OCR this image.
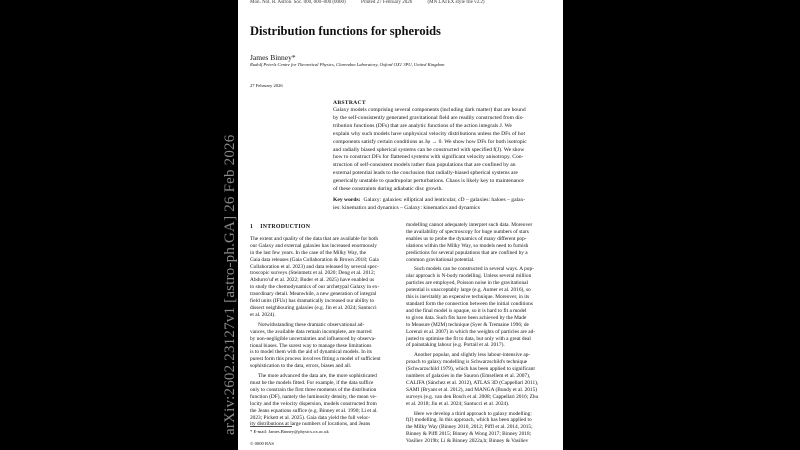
arXiv:2602.23127v1 [astro-ph.GA] 26 Feb 2026
Mon. Not. R. Astron. Soc. 000, 000–000 (0000)	Printed 27 February 2026	(MN LATEX style file v2.2)
Distribution functions for spheroids
James Binney*
Rudolf Peierls Centre for Theoretical Physics, Clarendon Laboratory, Oxford OX1 3PU, United Kingdom
27 February 2026
ABSTRACT
Galaxy models comprising several components (including dark matter) that are bound
by the self-consistently generated gravitational field are readily constructed from dis-
tribution functions (DFs) that are analytic functions of the action integrals J. We
explain why such models have unphysical velocity distributions unless the DFs of hot
components satisfy certain conditions as Jφ → 0. We show how DFs for both isotropic
and radially biased spherical systems can be constructed with specified f(J). We show
how to construct DFs for flattened systems with significant velocity anisotropy. Con-
struction of self-consistent models rather than populations that are confined by an
external potential leads to the conclusion that radially-biased spherical systems are
generically unstable to quadrupolar perturbations. Chaos is likely key to maintenance
of these constraints during adiabatic disc growth.
Key words: Galaxy: galaxies: elliptical and lenticular, cD – galaxies: haloes – galax-
ies: kinematics and dynamics – Galaxy: kinematics and dynamics
1 INTRODUCTION
The extent and quality of the data that are available for both
our Galaxy and external galaxies has increased enormously
in the last few years. In the case of the Milky Way, the
Gaia data releases (Gaia Collaboration & Brown 2018; Gaia
Collaboration et al. 2023) and data released by several spec-
troscopic surveys (Steinmetz et al. 2020; Deng et al. 2012;
Abdurro'uf et al. 2022; Buder et al. 2025) have enabled us
to study the chemodynamics of our archetypal Galaxy in ex-
traordinary detail. Meanwhile, a new generation of integral
field units (IFUs) has dramatically increased our ability to
dissect neighbouring galaxies (e.g. Jin et al. 2024; Santucci
et al. 2024).
Notwithstanding these dramatic observational ad-
vances, the available data remain incomplete, are marred
by non-negligible uncertainties and influenced by observa-
tional biases. The surest way to manage these limitations
is to model them with the aid of dynamical models. In its
purest form this process involves fitting a model of sufficient
sophistication to the data, errors, biases and all.
The more advanced the data are, the more sophisticated
must be the models fitted. For example, if the data suffice
only to constrain the first three moments of the distribution
function (DF), namely the luminosity density, the mean ve-
locity and the velocity dispersion, models constructed from
the Jeans equations suffice (e.g. Binney et al. 1990; Li et al.
2023; Pickett et al. 2025). Gaia data yield the full veloc-
ity distributions at large numbers of locations, and Jeans
modelling cannot adequately interpret such data. Moreover
the availability of spectroscopy for huge numbers of stars
enables us to probe the dynamics of many different pop-
ulations within the Milky Way, so models need to furnish
predictions for several populations that are confined by a
common gravitational potential.
Such models can be constructed in several ways. A pop-
ular approach is N-body modelling. Unless several million
particles are employed, Poisson noise in the gravitational
potential is unacceptably large (e.g. Aumer et al. 2016), so
this is inevitably an expensive technique. Moreover, in its
standard form the connection between the initial conditions
and the final model is opaque, so it is hard to fit a model
to given data. Such fits have been achieved by the Made
to Measure (M2M) technique (Syer & Tremaine 1996; de
Lorenzi et al. 2007) in which the weights of particles are ad-
justed to optimise the fit to data, but only with a great deal
of painstaking labour (e.g. Portail et al. 2017).
Another popular, and slightly less labour-intensive ap-
proach to galaxy modelling is Schwarzschild's technique
(Schwarzschild 1979), which has been applied to significant
numbers of galaxies in the Sauron (Emsellem et al. 2007),
CALIFA (Sánchez et al. 2012), ATLAS 3D (Cappellari 2011),
SAMI (Bryant et al. 2012), and MANGA (Bundy et al. 2015)
surveys (e.g. van den Bosch et al. 2008; Cappellari 2016; Zhu
et al. 2018; Jin et al. 2024; Santucci et al. 2024).
Here we develop a third approach to galaxy modelling:
f(J) modelling. In this approach, which has been applied to
the Milky Way (Binney 2010, 2012; Piffl et al. 2014, 2015;
Binney & Piffl 2015; Binney & Wong 2017; Binney 2018;
Vasiliev 2019b; Li & Binney 2022a,b; Binney & Vasiliev
* E-mail: James.Binney@physics.ox.ac.uk
© 0000 RAS
